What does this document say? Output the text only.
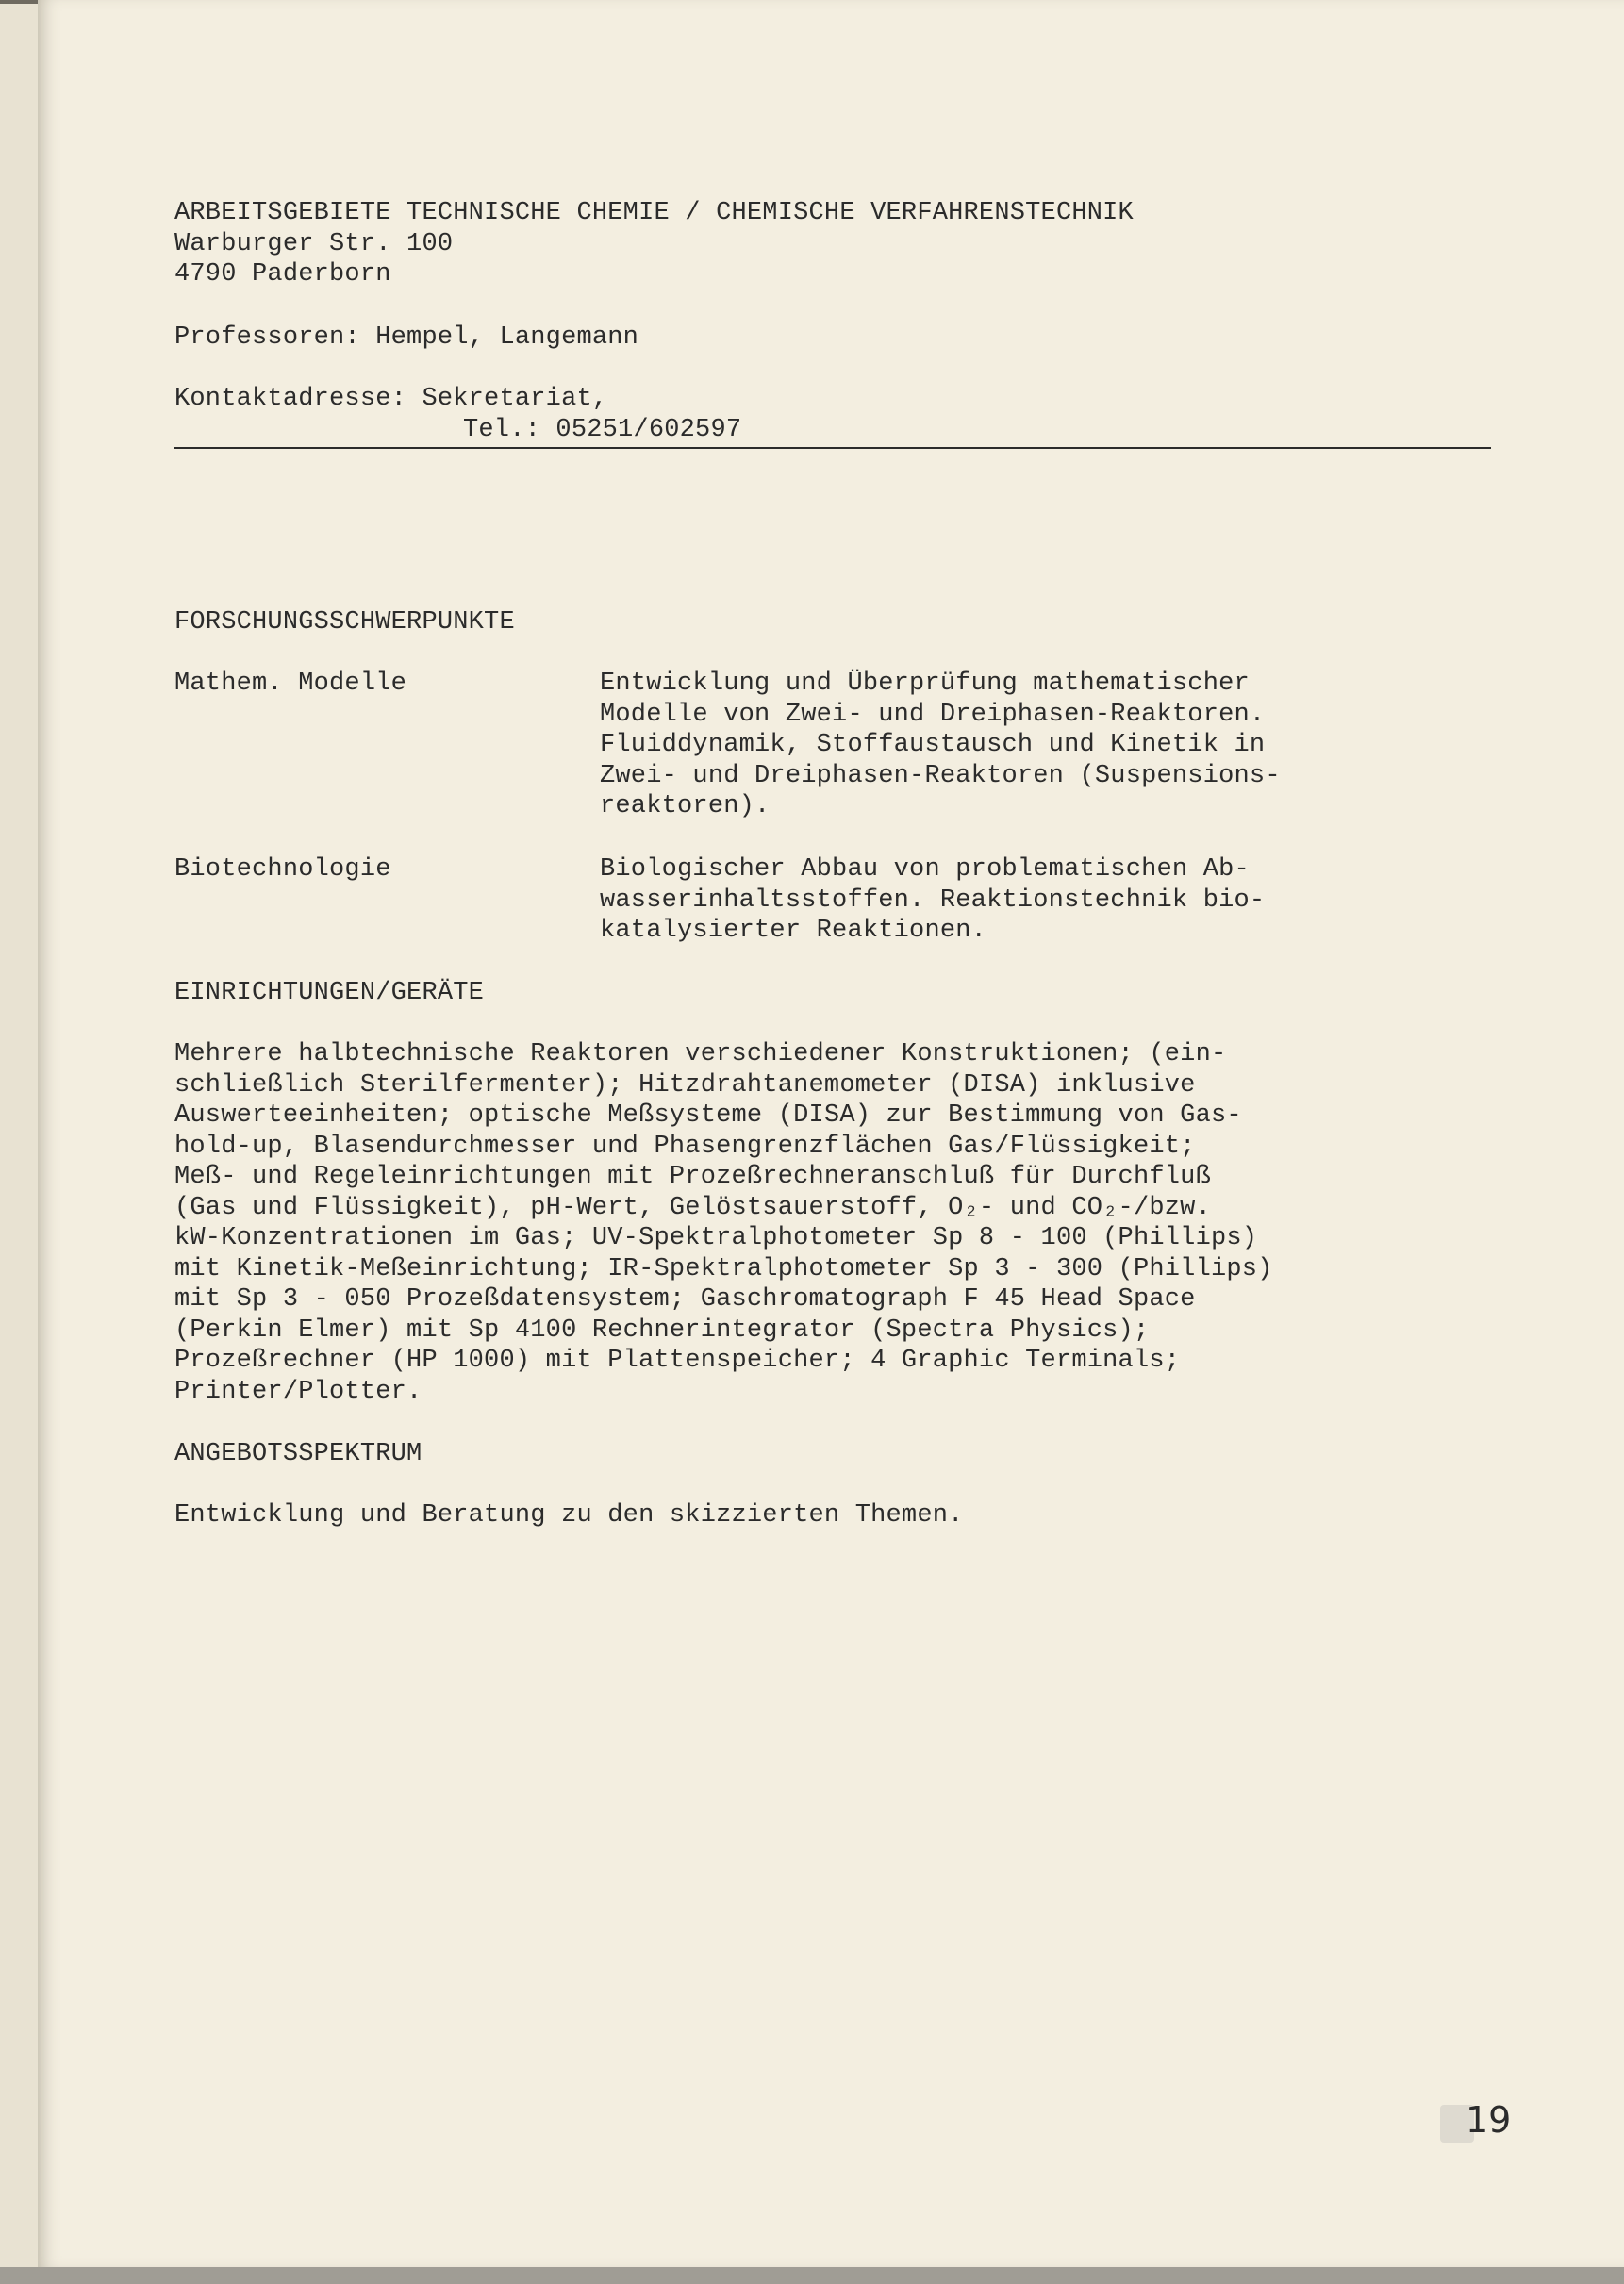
ARBEITSGEBIETE TECHNISCHE CHEMIE / CHEMISCHE VERFAHRENSTECHNIK
Warburger Str. 100
4790 Paderborn
Professoren: Hempel, Langemann
Kontaktadresse: Sekretariat,
Tel.: 05251/602597
FORSCHUNGSSCHWERPUNKTE
Mathem. Modelle	Entwicklung und Überprüfung mathematischer
Modelle von Zwei- und Dreiphasen-Reaktoren.
Fluiddynamik, Stoffaustausch und Kinetik in
Zwei- und Dreiphasen-Reaktoren (Suspensions-
reaktoren).
Biotechnologie	Biologischer Abbau von problematischen Ab-
wasserinhaltsstoffen. Reaktionstechnik bio-
katalysierter Reaktionen.
EINRICHTUNGEN/GERÄTE
Mehrere halbtechnische Reaktoren verschiedener Konstruktionen; (ein-
schließlich Sterilfermenter); Hitzdrahtanemometer (DISA) inklusive
Auswerteeinheiten; optische Meßsysteme (DISA) zur Bestimmung von Gas-
hold-up, Blasendurchmesser und Phasengrenzflächen Gas/Flüssigkeit;
Meß- und Regeleinrichtungen mit Prozeßrechneranschluß für Durchfluß
(Gas und Flüssigkeit), pH-Wert, Gelöstsauerstoff, O₂- und CO₂-/bzw.
kW-Konzentrationen im Gas; UV-Spektralphotometer Sp 8 - 100 (Phillips)
mit Kinetik-Meßeinrichtung; IR-Spektralphotometer Sp 3 - 300 (Phillips)
mit Sp 3 - 050 Prozeßdatensystem; Gaschromatograph F 45 Head Space
(Perkin Elmer) mit Sp 4100 Rechnerintegrator (Spectra Physics);
Prozeßrechner (HP 1000) mit Plattenspeicher; 4 Graphic Terminals;
Printer/Plotter.
ANGEBOTSSPEKTRUM
Entwicklung und Beratung zu den skizzierten Themen.
19
